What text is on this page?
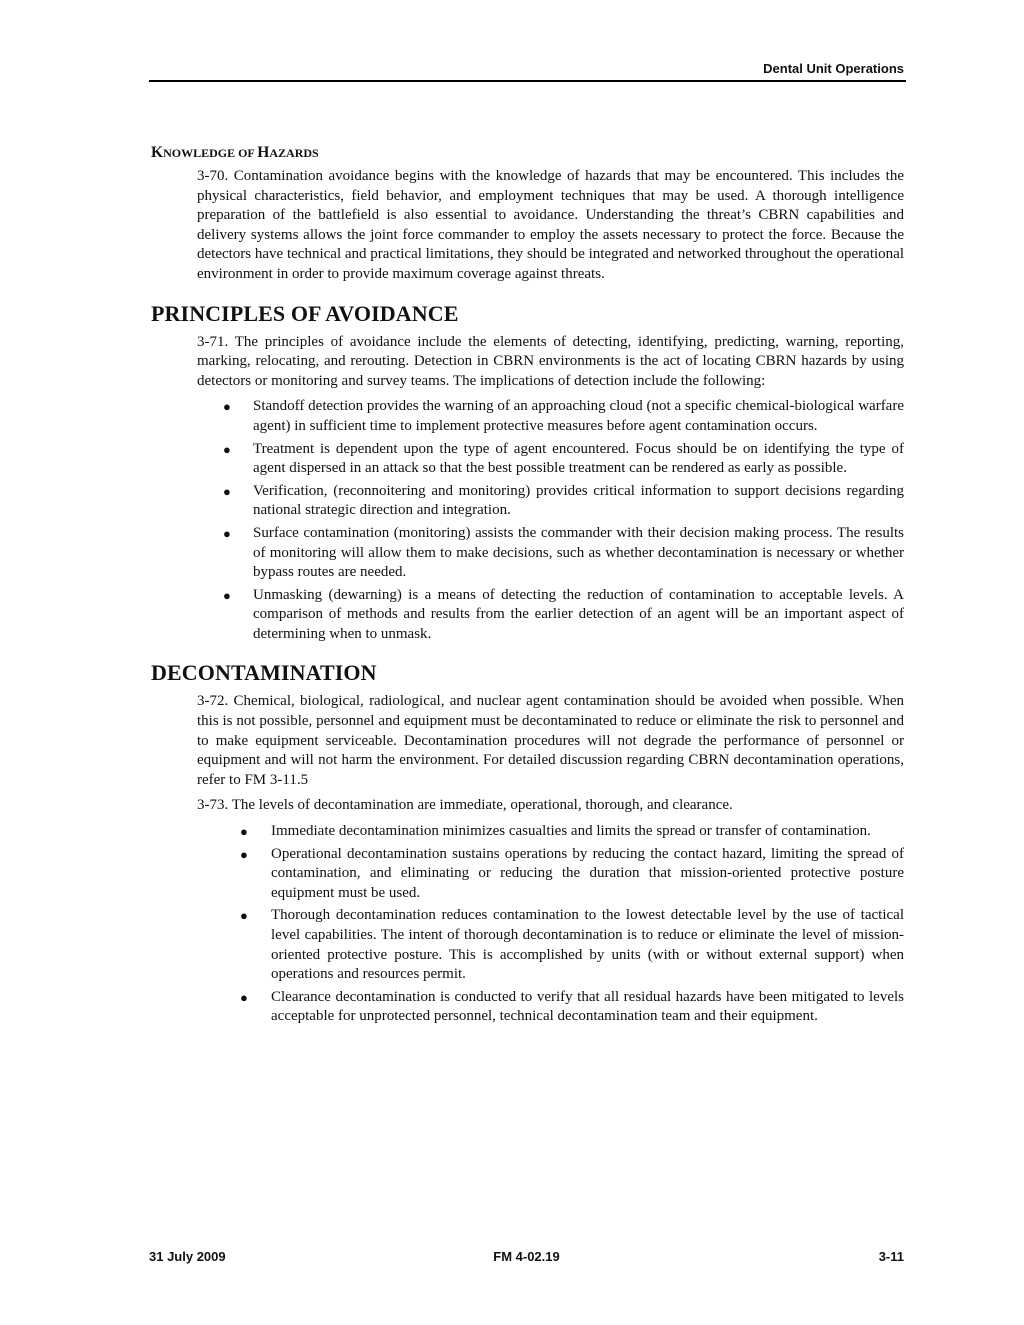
Dental Unit Operations
KNOWLEDGE OF HAZARDS

3-70. Contamination avoidance begins with the knowledge of hazards that may be encountered. This includes the physical characteristics, field behavior, and employment techniques that may be used. A thorough intelligence preparation of the battlefield is also essential to avoidance. Understanding the threat’s CBRN capabilities and delivery systems allows the joint force commander to employ the assets necessary to protect the force. Because the detectors have technical and practical limitations, they should be integrated and networked throughout the operational environment in order to provide maximum coverage against threats.

PRINCIPLES OF AVOIDANCE

3-71. The principles of avoidance include the elements of detecting, identifying, predicting, warning, reporting, marking, relocating, and rerouting. Detection in CBRN environments is the act of locating CBRN hazards by using detectors or monitoring and survey teams. The implications of detection include the following:

● Standoff detection provides the warning of an approaching cloud (not a specific chemical-biological warfare agent) in sufficient time to implement protective measures before agent contamination occurs.
● Treatment is dependent upon the type of agent encountered. Focus should be on identifying the type of agent dispersed in an attack so that the best possible treatment can be rendered as early as possible.
● Verification, (reconnoitering and monitoring) provides critical information to support decisions regarding national strategic direction and integration.
● Surface contamination (monitoring) assists the commander with their decision making process. The results of monitoring will allow them to make decisions, such as whether decontamination is necessary or whether bypass routes are needed.
● Unmasking (dewarning) is a means of detecting the reduction of contamination to acceptable levels. A comparison of methods and results from the earlier detection of an agent will be an important aspect of determining when to unmask.
DECONTAMINATION

3-72. Chemical, biological, radiological, and nuclear agent contamination should be avoided when possible. When this is not possible, personnel and equipment must be decontaminated to reduce or eliminate the risk to personnel and to make equipment serviceable. Decontamination procedures will not degrade the performance of personnel or equipment and will not harm the environment. For detailed discussion regarding CBRN decontamination operations, refer to FM 3-11.5

3-73. The levels of decontamination are immediate, operational, thorough, and clearance.

● Immediate decontamination minimizes casualties and limits the spread or transfer of contamination.
● Operational decontamination sustains operations by reducing the contact hazard, limiting the spread of contamination, and eliminating or reducing the duration that mission-oriented protective posture equipment must be used.
● Thorough decontamination reduces contamination to the lowest detectable level by the use of tactical level capabilities. The intent of thorough decontamination is to reduce or eliminate the level of mission-oriented protective posture. This is accomplished by units (with or without external support) when operations and resources permit.
● Clearance decontamination is conducted to verify that all residual hazards have been mitigated to levels acceptable for unprotected personnel, technical decontamination team and their equipment.
31 July 2009	FM 4-02.19	3-11
